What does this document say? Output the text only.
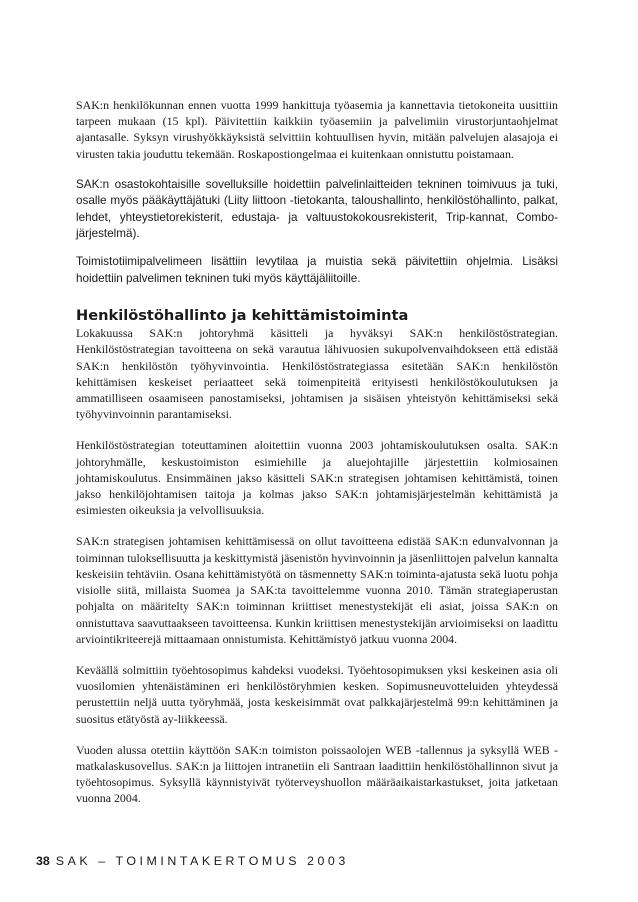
SAK:n henkilökunnan ennen vuotta 1999 hankittuja työasemia ja kannettavia tietokoneita uusittiin tarpeen mukaan (15 kpl). Päivitettiin kaikkiin työasemiin ja palvelimiin virustorjuntaohjelmat ajantasalle. Syksyn virushyökkäyksistä selvittiin kohtuullisen hyvin, mitään palvelujen alasajoja ei virusten takia jouduttu tekemään. Roskapostiongelmaa ei kuitenkaan onnistuttu poistamaan.

SAK:n osastokohtaisille sovelluksille hoidettiin palvelinlaitteiden tekninen toimivuus ja tuki, osalle myös pääkäyttäjätuki (Liity liittoon -tietokanta, taloushallinto, henkilöstöhallinto, palkat, lehdet, yhteystietorekisterit, edustaja- ja valtuustokokousrekisterit, Trip-kannat, Combo-järjestelmä).

Toimistotiimipalvelimeen lisättiin levytilaa ja muistia sekä päivitettiin ohjelmia. Lisäksi hoidettiin palvelimen tekninen tuki myös käyttäjäliitoille.

Henkilöstöhallinto ja kehittämistoiminta

Lokakuussa SAK:n johtoryhmä käsitteli ja hyväksyi SAK:n henkilöstöstrategian. Henkilöstöstrategian tavoitteena on sekä varautua lähivuosien sukupolvenvaihdokseen että edistää SAK:n henkilöstön työhyvinvointia. Henkilöstöstrategiassa esitetään SAK:n henkilöstön kehittämisen keskeiset periaatteet sekä toimenpiteitä erityisesti henkilöstökoulutuksen ja ammatilliseen osaamiseen panostamiseksi, johtamisen ja sisäisen yhteistyön kehittämiseksi sekä työhyvinvoinnin parantamiseksi.

Henkilöstöstrategian toteuttaminen aloitettiin vuonna 2003 johtamiskoulutuksen osalta. SAK:n johtoryhmälle, keskustoimiston esimiehille ja aluejohtajille järjestettiin kolmiosainen johtamiskoulutus. Ensimmäinen jakso käsitteli SAK:n strategisen johtamisen kehittämistä, toinen jakso henkilöjohtamisen taitoja ja kolmas jakso SAK:n johtamisjärjestelmän kehittämistä ja esimiesten oikeuksia ja velvollisuuksia.

SAK:n strategisen johtamisen kehittämisessä on ollut tavoitteena edistää SAK:n edunvalvonnan ja toiminnan tuloksellisuutta ja keskittymistä jäsenistön hyvinvoinnin ja jäsenliittojen palvelun kannalta keskeisiin tehtäviin. Osana kehittämistyötä on täsmennetty SAK:n toiminta-ajatusta sekä luotu pohja visiolle siitä, millaista Suomea ja SAK:ta tavoittelemme vuonna 2010. Tämän strategiaperustan pohjalta on määritelty SAK:n toiminnan kriittiset menestystekijät eli asiat, joissa SAK:n on onnistuttava saavuttaakseen tavoitteensa. Kunkin kriittisen menestystekijän arvioimiseksi on laadittu arviointikriteerejä mittaamaan onnistumista. Kehittämistyö jatkuu vuonna 2004.

Keväällä solmittiin työehtosopimus kahdeksi vuodeksi. Työehtosopimuksen yksi keskeinen asia oli vuosilomien yhtenäistäminen eri henkilöstöryhmien kesken. Sopimusneuvotteluiden yhteydessä perustettiin neljä uutta työryhmää, josta keskeisimmät ovat palkkajärjestelmä 99:n kehittäminen ja suositus etätyöstä ay-liikkeessä.

Vuoden alussa otettiin käyttöön SAK:n toimiston poissaolojen WEB -tallennus ja syksyllä WEB -matkalaskusovellus. SAK:n ja liittojen intranetiin eli Santraan laadittiin henkilöstöhallinnon sivut ja työehtosopimus. Syksyllä käynnistyivät työterveyshuollon määräaikaistarkastukset, joita jatketaan vuonna 2004.

38 SAK – TOIMINTAKERTOMUS 2003
